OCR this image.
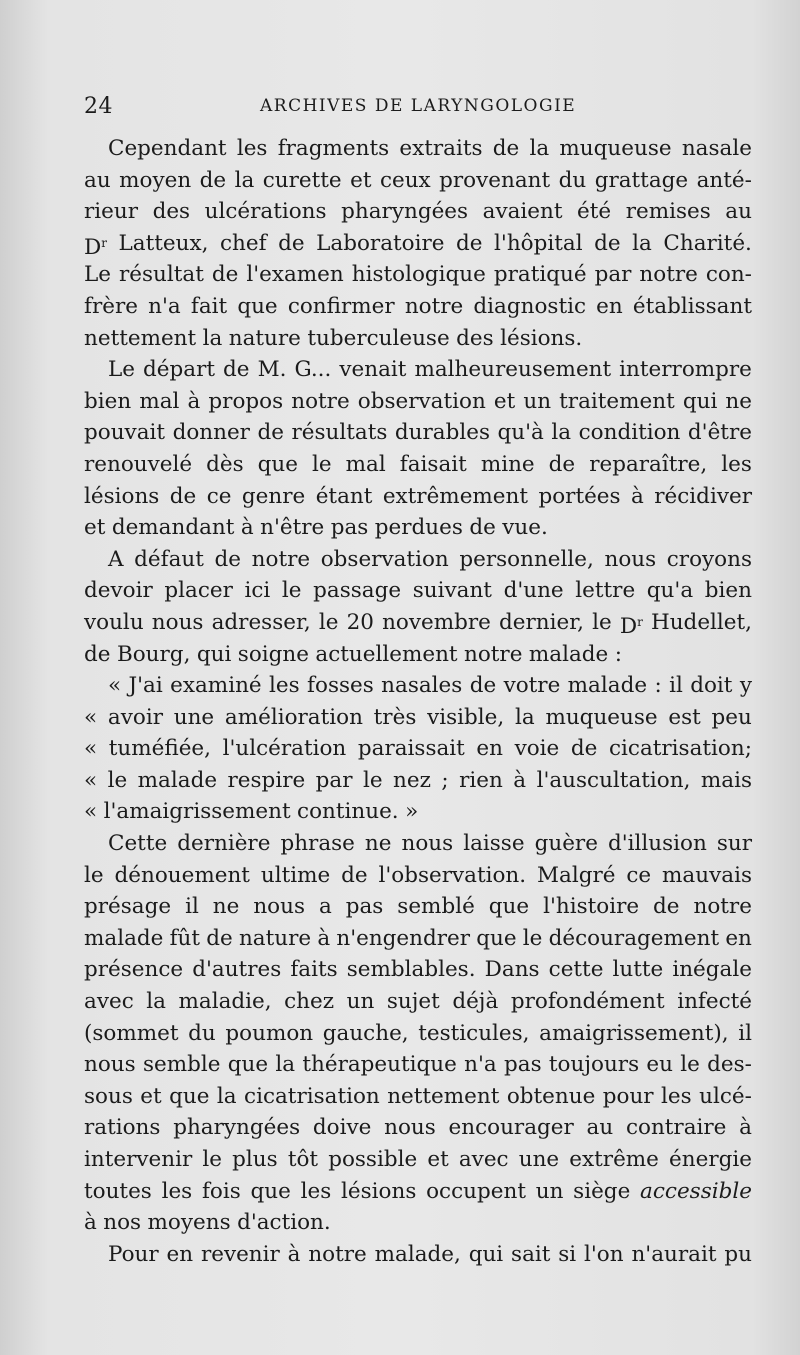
24	ARCHIVES DE LARYNGOLOGIE
Cependant les fragments extraits de la muqueuse nasale
au moyen de la curette et ceux provenant du grattage anté-
rieur des ulcérations pharyngées avaient été remises au
$D^r$ Latteux, chef de Laboratoire de l'hôpital de la Charité.
Le résultat de l'examen histologique pratiqué par notre con-
frère n'a fait que confirmer notre diagnostic en établissant
nettement la nature tuberculeuse des lésions.
Le départ de M. G... venait malheureusement interrompre
bien mal à propos notre observation et un traitement qui ne
pouvait donner de résultats durables qu'à la condition d'être
renouvelé dès que le mal faisait mine de reparaître, les
lésions de ce genre étant extrêmement portées à récidiver
et demandant à n'être pas perdues de vue.
A défaut de notre observation personnelle, nous croyons
devoir placer ici le passage suivant d'une lettre qu'a bien
voulu nous adresser, le 20 novembre dernier, le $D^r$ Hudellet,
de Bourg, qui soigne actuellement notre malade :
« J'ai examiné les fosses nasales de votre malade : il doit y
« avoir une amélioration très visible, la muqueuse est peu
« tuméfiée, l'ulcération paraissait en voie de cicatrisation;
« le malade respire par le nez ; rien à l'auscultation, mais
« l'amaigrissement continue. »
Cette dernière phrase ne nous laisse guère d'illusion sur
le dénouement ultime de l'observation. Malgré ce mauvais
présage il ne nous a pas semblé que l'histoire de notre
malade fût de nature à n'engendrer que le découragement en
présence d'autres faits semblables. Dans cette lutte inégale
avec la maladie, chez un sujet déjà profondément infecté
(sommet du poumon gauche, testicules, amaigrissement), il
nous semble que la thérapeutique n'a pas toujours eu le des-
sous et que la cicatrisation nettement obtenue pour les ulcé-
rations pharyngées doive nous encourager au contraire à
intervenir le plus tôt possible et avec une extrême énergie
toutes les fois que les lésions occupent un siège accessible
à nos moyens d'action.
Pour en revenir à notre malade, qui sait si l'on n'aurait pu
